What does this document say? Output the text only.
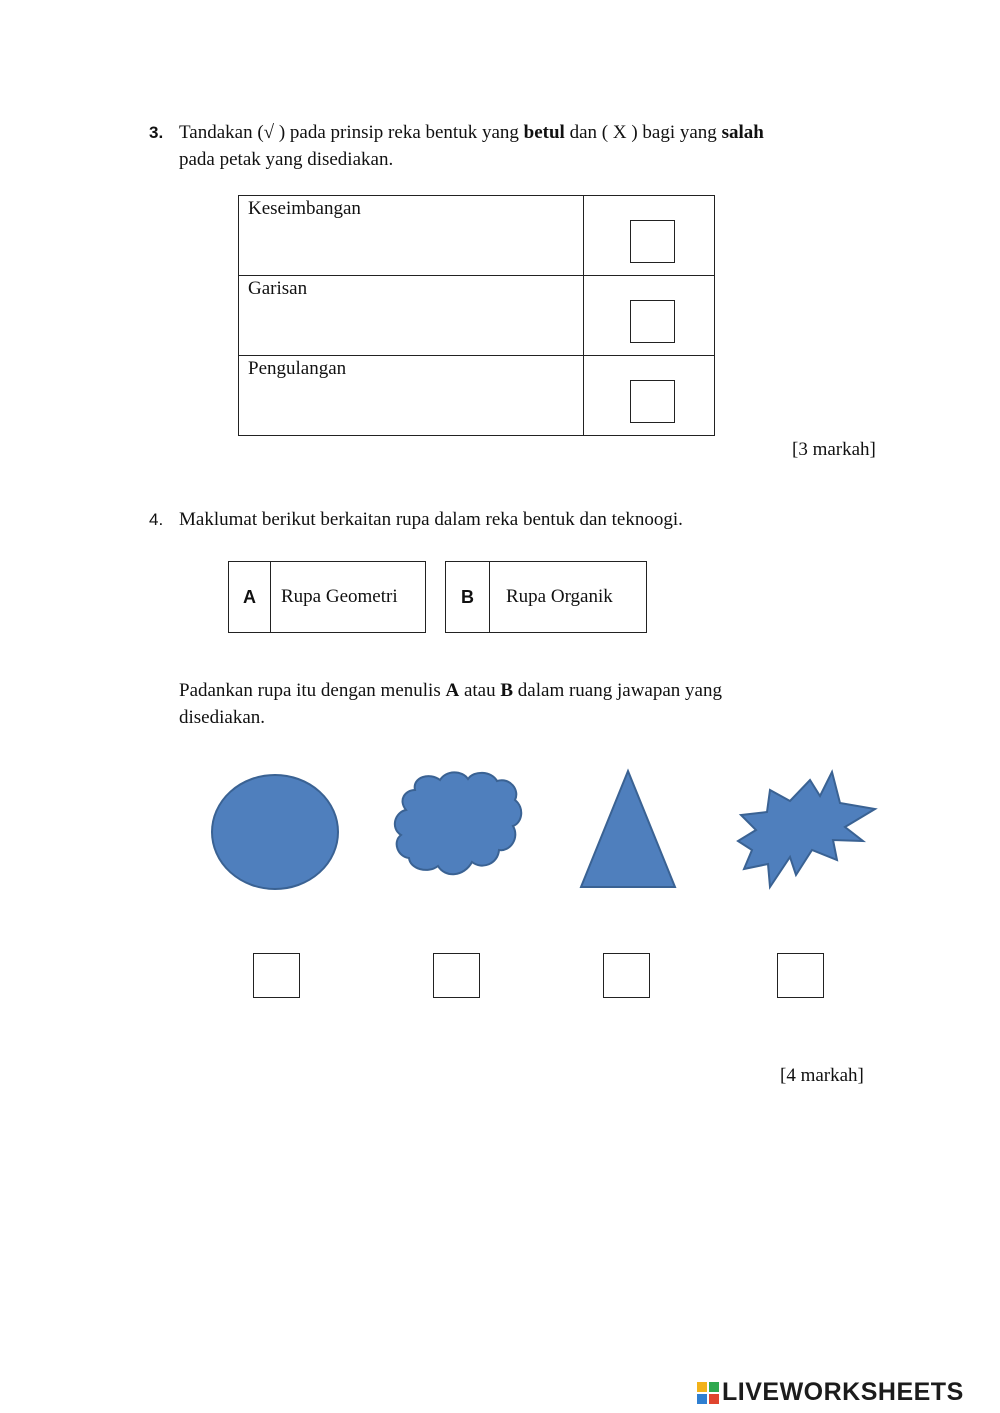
3. Tandakan (√ ) pada prinsip reka bentuk yang betul dan ( X ) bagi yang salah
pada petak yang disediakan.
Keseimbangan	

Garisan	

Pengulangan	
[3 markah]
4. Maklumat berikut berkaitan rupa dalam reka bentuk dan teknoogi.
A	Rupa Geometri	B	Rupa Organik
Padankan rupa itu dengan menulis A atau B dalam ruang jawapan yang
disediakan.
[4 markah]
LIVEWORKSHEETS
